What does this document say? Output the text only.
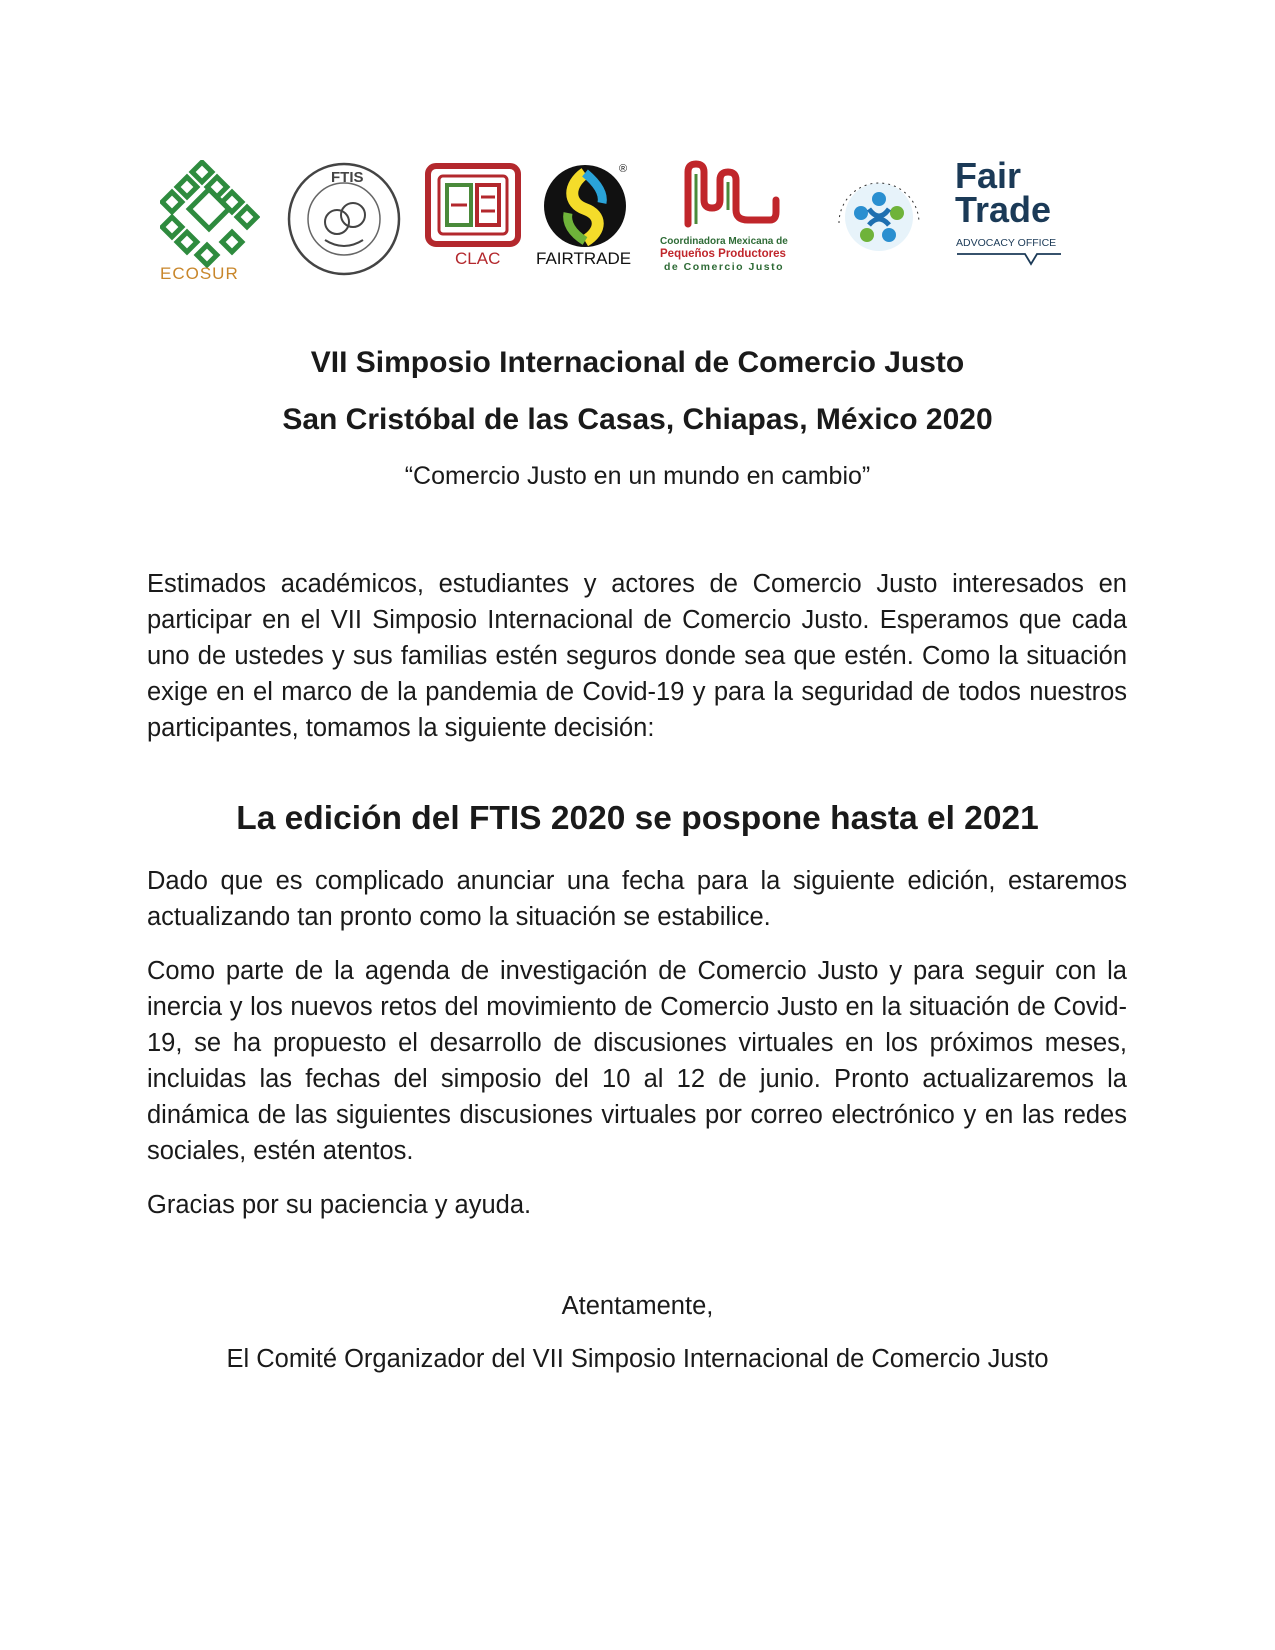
ECOSUR
FTIS
CLAC
®
FAIRTRADE
Coordinadora Mexicana de
Pequeños Productores
de Comercio Justo
Fair
Trade
ADVOCACY OFFICE
VII Simposio Internacional de Comercio Justo
San Cristóbal de las Casas, Chiapas, México 2020
“Comercio Justo en un mundo en cambio”
Estimados académicos, estudiantes y actores de Comercio Justo interesados en participar en el VII Simposio Internacional de Comercio Justo. Esperamos que cada uno de ustedes y sus familias estén seguros donde sea que estén. Como la situación exige en el marco de la pandemia de Covid-19 y para la seguridad de todos nuestros participantes, tomamos la siguiente decisión:
La edición del FTIS 2020 se pospone hasta el 2021
Dado que es complicado anunciar una fecha para la siguiente edición, estaremos actualizando tan pronto como la situación se estabilice.
Como parte de la agenda de investigación de Comercio Justo y para seguir con la inercia y los nuevos retos del movimiento de Comercio Justo en la situación de Covid-19, se ha propuesto el desarrollo de discusiones virtuales en los próximos meses, incluidas las fechas del simposio del 10 al 12 de junio. Pronto actualizaremos la dinámica de las siguientes discusiones virtuales por correo electrónico y en las redes sociales, estén atentos.
Gracias por su paciencia y ayuda.
Atentamente,
El Comité Organizador del VII Simposio Internacional de Comercio Justo
